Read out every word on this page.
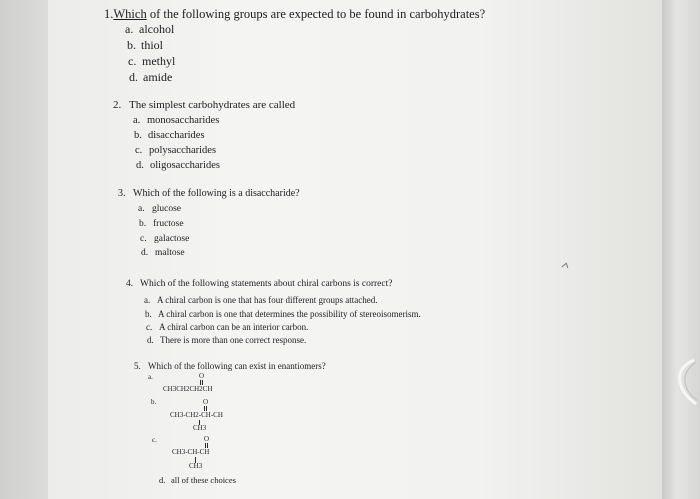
1.Which of the following groups are expected to be found in carbohydrates?
a. alcohol
b. thiol
c. methyl
d. amide
2. The simplest carbohydrates are called
a. monosaccharides
b. disaccharides
c. polysaccharides
d. oligosaccharides
3. Which of the following is a disaccharide?
a. glucose
b. fructose
c. galactose
d. maltose
4. Which of the following statements about chiral carbons is correct?
a. A chiral carbon is one that has four different groups attached.
b. A chiral carbon is one that determines the possibility of stereoisomerism.
c. A chiral carbon can be an interior carbon.
d. There is more than one correct response.
5. Which of the following can exist in enantiomers?
a.	O
CH3CH2CH2CH
b.	O
CH3-CH2-CH-CH
CH3
c.	O
CH3-CH-CH
CH3
d. all of these choices
